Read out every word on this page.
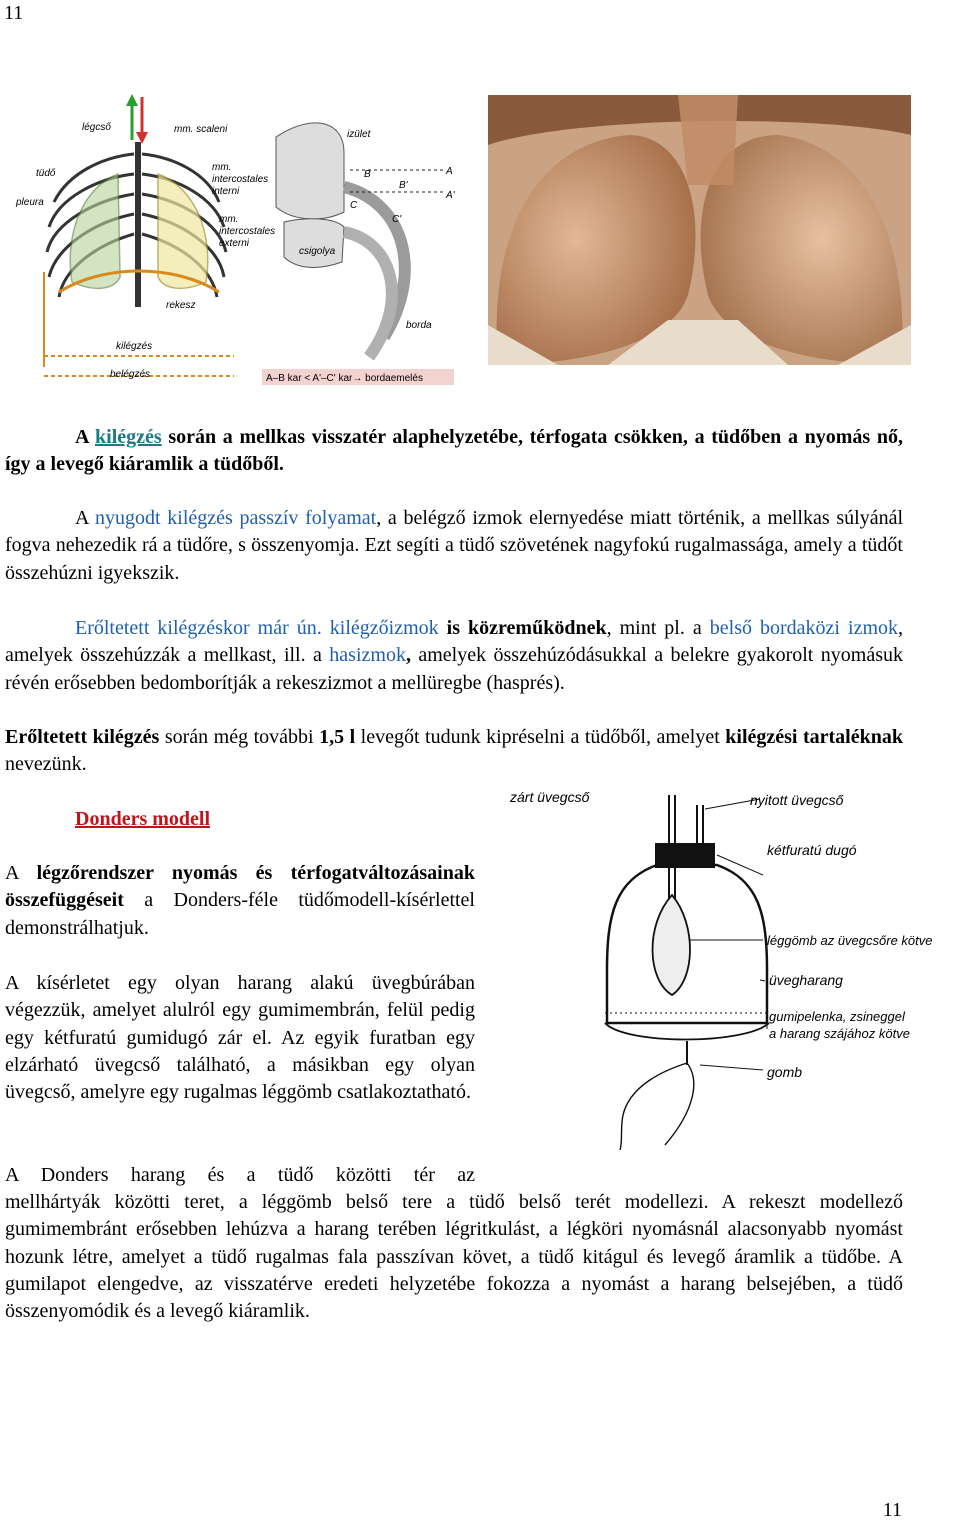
11
légcső
tüdő
pleura
mm. scaleni
mm.
intercostales
interni
mm.
intercostales
externi
rekesz
kilégzés
belégzés
izület
csigolya
borda
A
A'
B'
B
C
C'
A–B kar < A'–C' kar→ bordaemelés

A kilégzés során a mellkas visszatér alaphelyzetébe, térfogata csökken, a tüdőben a nyomás nő, így a levegő kiáramlik a tüdőből.

A nyugodt kilégzés passzív folyamat, a belégző izmok elernyedése miatt történik, a mellkas súlyánál fogva nehezedik rá a tüdőre, s összenyomja. Ezt segíti a tüdő szövetének nagyfokú rugalmassága, amely a tüdőt összehúzni igyekszik.

Erőltetett kilégzéskor már ún. kilégzőizmok is közreműködnek, mint pl. a belső bordaközi izmok, amelyek összehúzzák a mellkast, ill. a hasizmok, amelyek összehúzódásukkal a belekre gyakorolt nyomásuk révén erősebben bedomborítják a rekeszizmot a mellüregbe (hasprés).

Erőltetett kilégzés során még további 1,5 l levegőt tudunk kipréselni a tüdőből, amelyet kilégzési tartaléknak nevezünk.

Donders modell

A légzőrendszer nyomás és térfogatváltozásainak összefüggéseit a Donders-féle tüdőmodell-kísérlettel demonstrálhatjuk.

A kísérletet egy olyan harang alakú üvegbúrában végezzük, amelyet alulról egy gumimembrán, felül pedig egy kétfuratú gumidugó zár el. Az egyik furatban egy elzárható üvegcső található, a másikban egy olyan üvegcső, amelyre egy rugalmas léggömb csatlakoztatható.

A Donders harang és a tüdő közötti tér az

mellhártyák közötti teret, a léggömb belső tere a tüdő belső terét modellezi. A rekeszt modellező gumimembránt erősebben lehúzva a harang terében légritkulást, a légköri nyomásnál alacsonyabb nyomást hozunk létre, amelyet a tüdő rugalmas fala passzívan követ, a tüdő kitágul és levegő áramlik a tüdőbe. A gumilapot elengedve, az visszatérve eredeti helyzetébe fokozza a nyomást a harang belsejében, a tüdő összenyomódik és a levegő kiáramlik.

zárt üvegcső	nyitott üvegcső
kétfuratú dugó
léggömb az üvegcsőre kötve
üvegharang
gumipelenka, zsineggel
a harang szájához kötve
gomb
11
